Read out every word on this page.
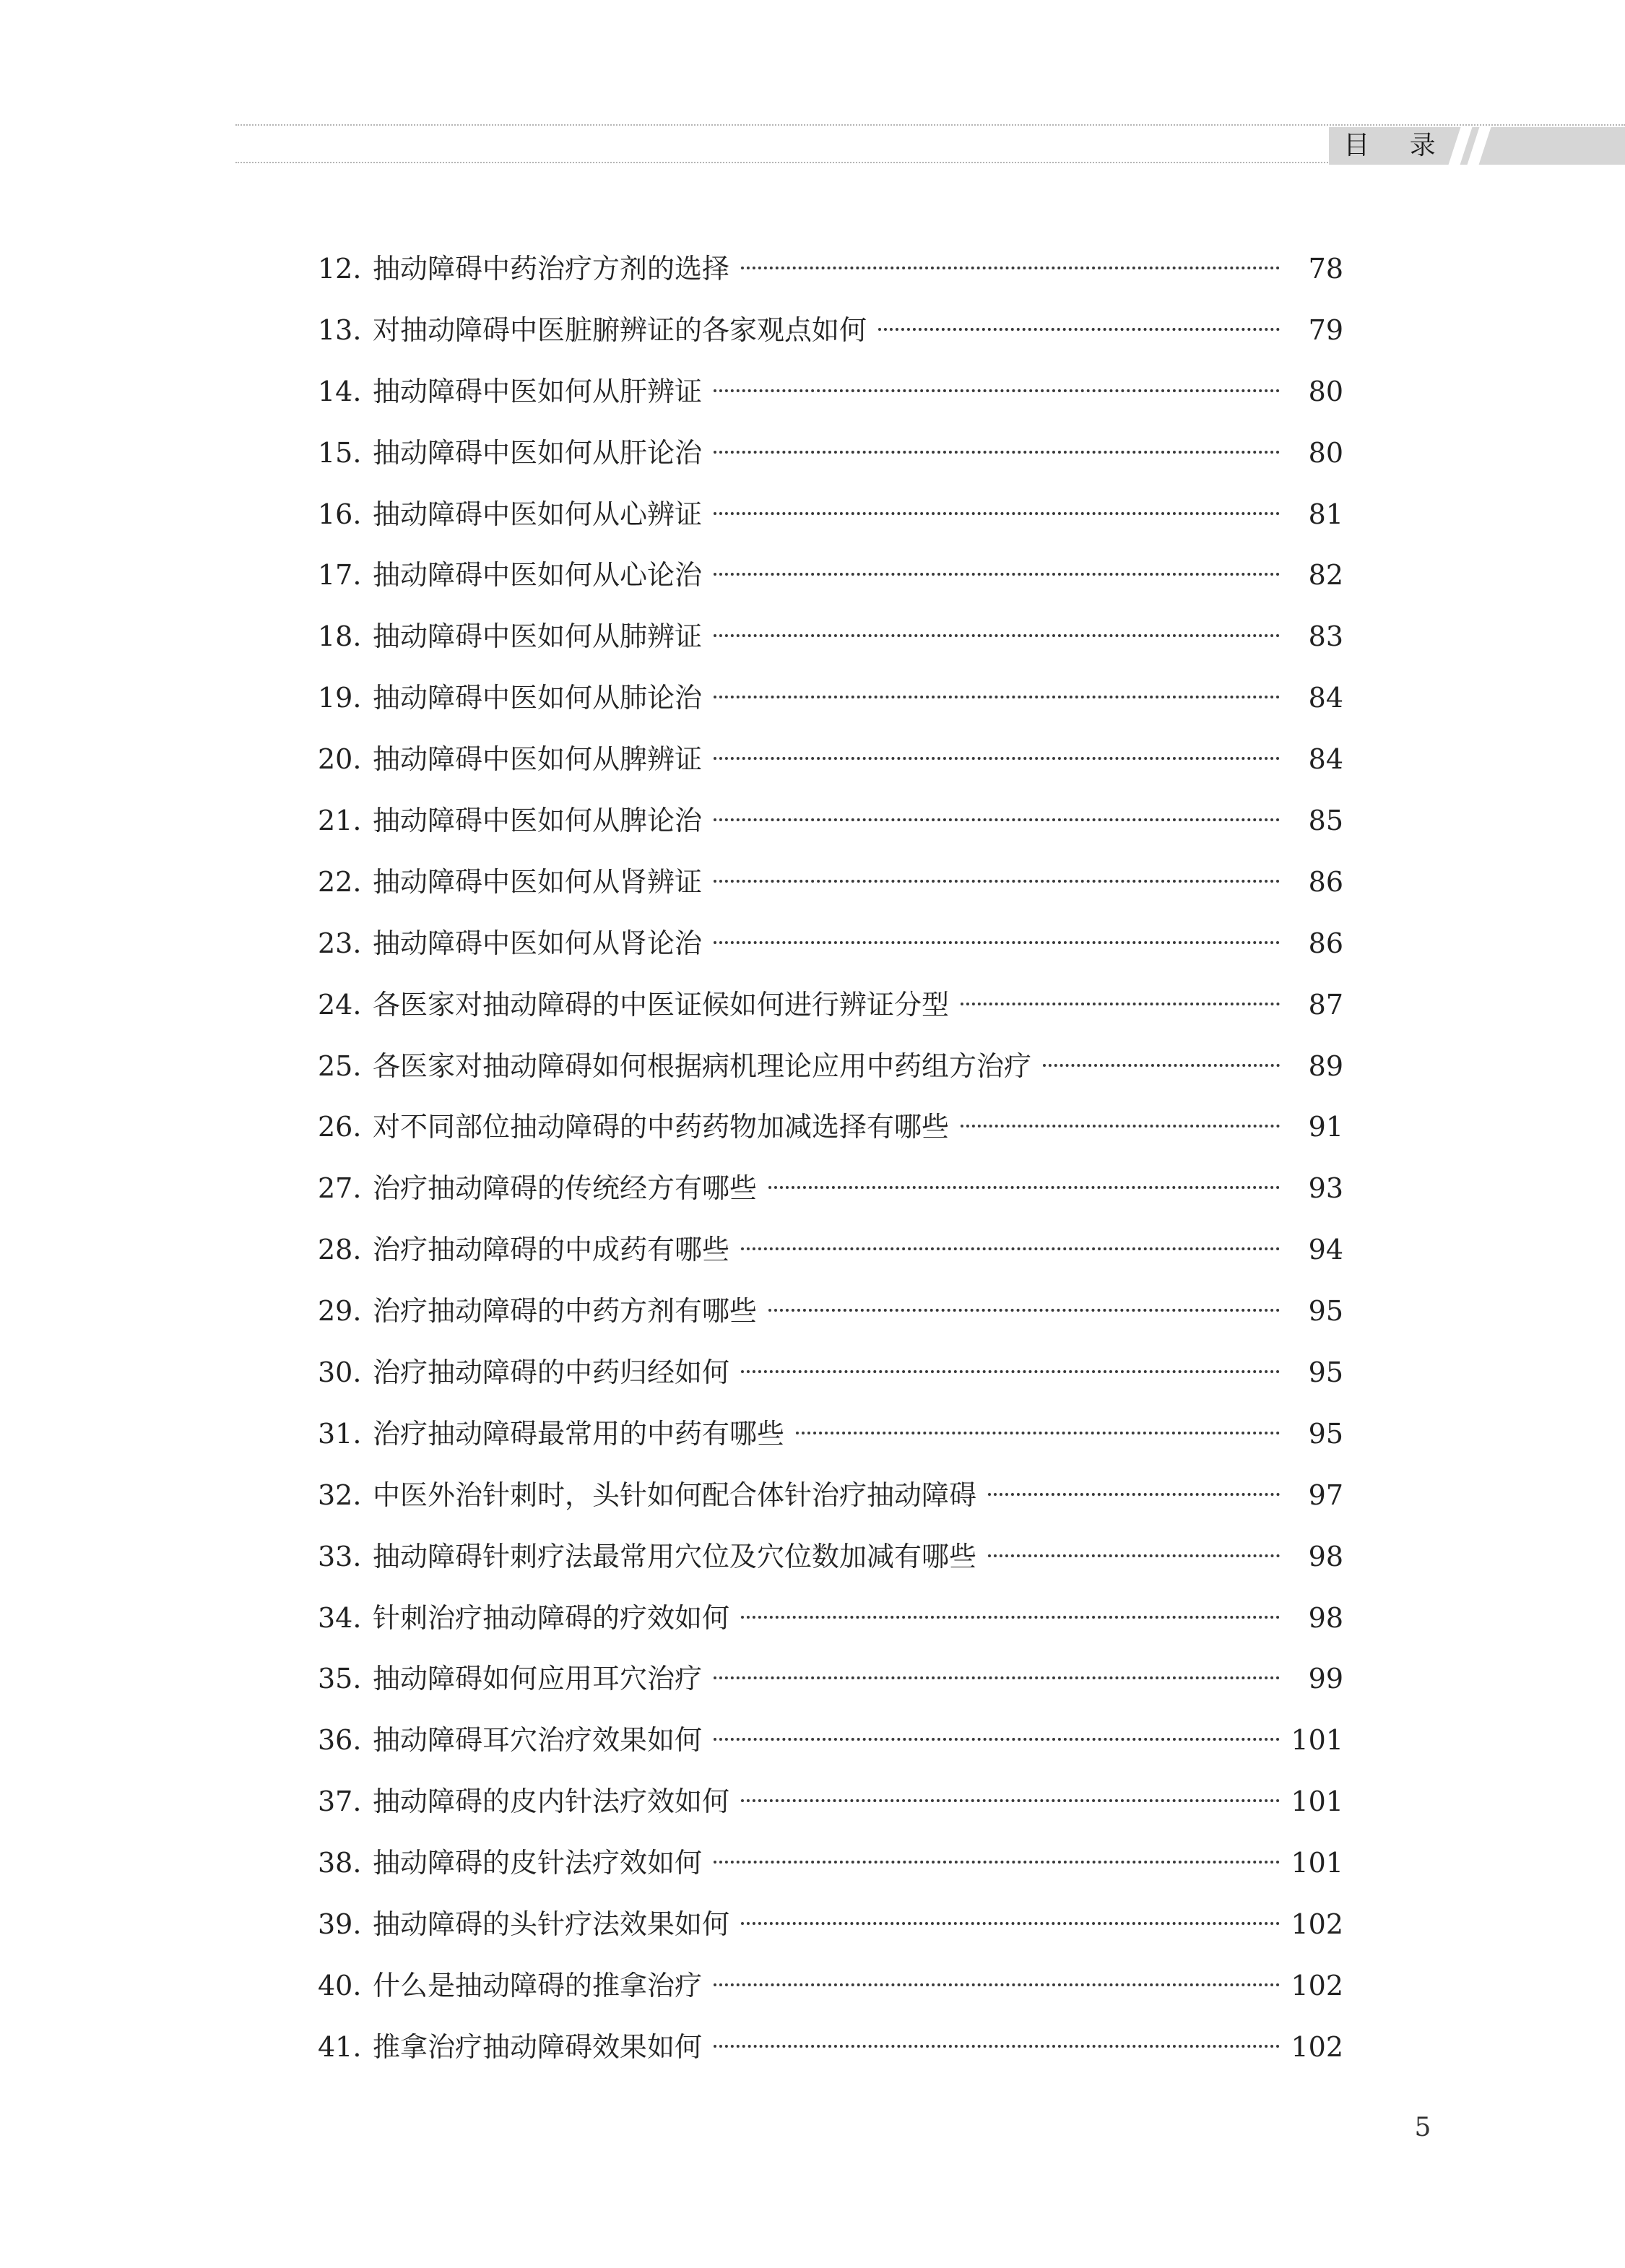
目 录
12. 抽动障碍中药治疗方剂的选择	78
13. 对抽动障碍中医脏腑辨证的各家观点如何	79
14. 抽动障碍中医如何从肝辨证	80
15. 抽动障碍中医如何从肝论治	80
16. 抽动障碍中医如何从心辨证	81
17. 抽动障碍中医如何从心论治	82
18. 抽动障碍中医如何从肺辨证	83
19. 抽动障碍中医如何从肺论治	84
20. 抽动障碍中医如何从脾辨证	84
21. 抽动障碍中医如何从脾论治	85
22. 抽动障碍中医如何从肾辨证	86
23. 抽动障碍中医如何从肾论治	86
24. 各医家对抽动障碍的中医证候如何进行辨证分型	87
25. 各医家对抽动障碍如何根据病机理论应用中药组方治疗	89
26. 对不同部位抽动障碍的中药药物加减选择有哪些	91
27. 治疗抽动障碍的传统经方有哪些	93
28. 治疗抽动障碍的中成药有哪些	94
29. 治疗抽动障碍的中药方剂有哪些	95
30. 治疗抽动障碍的中药归经如何	95
31. 治疗抽动障碍最常用的中药有哪些	95
32. 中医外治针刺时，头针如何配合体针治疗抽动障碍	97
33. 抽动障碍针刺疗法最常用穴位及穴位数加减有哪些	98
34. 针刺治疗抽动障碍的疗效如何	98
35. 抽动障碍如何应用耳穴治疗	99
36. 抽动障碍耳穴治疗效果如何	101
37. 抽动障碍的皮内针法疗效如何	101
38. 抽动障碍的皮针法疗效如何	101
39. 抽动障碍的头针疗法效果如何	102
40. 什么是抽动障碍的推拿治疗	102
41. 推拿治疗抽动障碍效果如何	102
5
